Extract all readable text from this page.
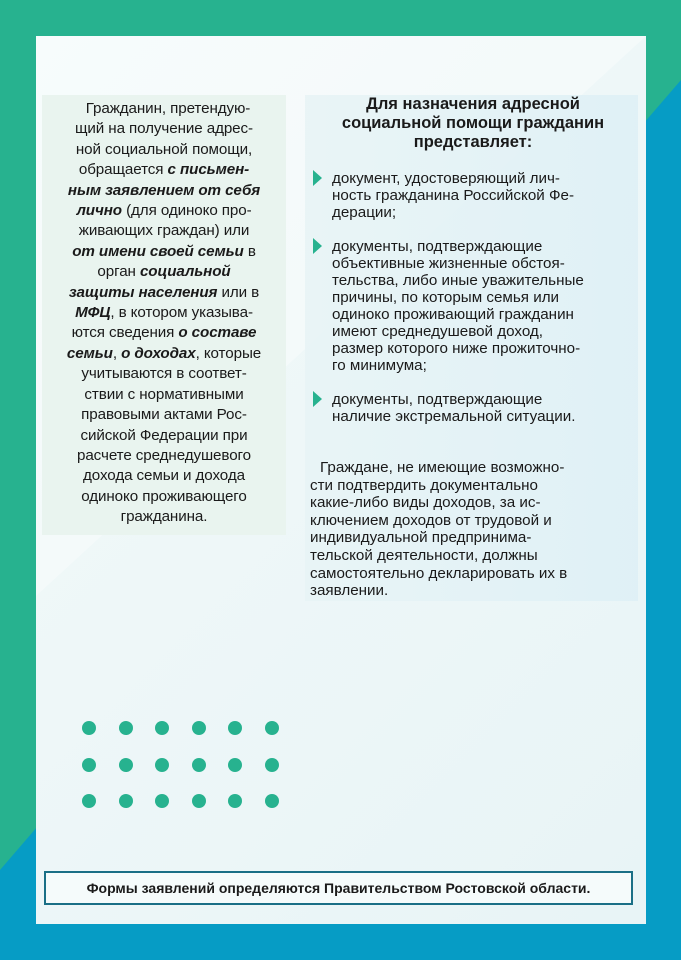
Гражданин, претендую-
щий на получение адрес-
ной социальной помощи,
обращается с письмен-
ным заявлением от себя
лично (для одиноко про-
живающих граждан) или
от имени своей семьи в
орган социальной
защиты населения или в
МФЦ, в котором указыва-
ются сведения о составе
семьи, о доходах, которые
учитываются в соответ-
ствии с нормативными
правовыми актами Рос-
сийской Федерации при
расчете среднедушевого
дохода семьи и дохода
одиноко проживающего
гражданина.

Для назначения адресной
социальной помощи гражданин
представляет:

документ, удостоверяющий лич-
ность гражданина Российской Фе-
дерации;

документы, подтверждающие
объективные жизненные обстоя-
тельства, либо иные уважительные
причины, по которым семья или
одиноко проживающий гражданин
имеют среднедушевой доход,
размер которого ниже прожиточно-
го минимума;

документы, подтверждающие
наличие экстремальной ситуации.

Граждане, не имеющие возможно-
сти подтвердить документально
какие-либо виды доходов, за ис-
ключением доходов от трудовой и
индивидуальной предпринима-
тельской деятельности, должны
самостоятельно декларировать их в
заявлении.

Формы заявлений определяются Правительством Ростовской области.
